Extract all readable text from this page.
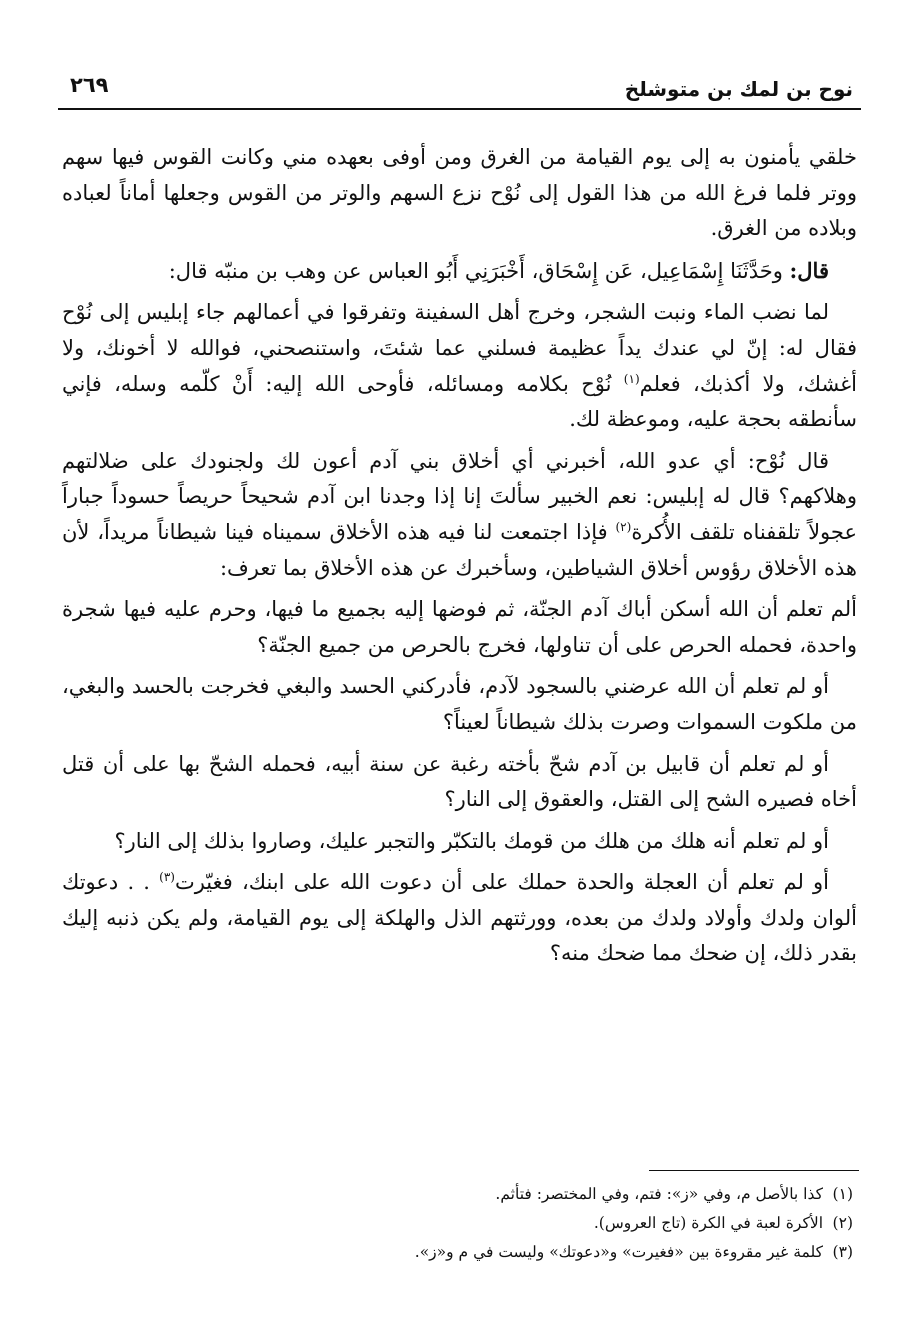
نوح بن لمك بن متوشلخ
٢٦٩

خلقي يأمنون به إلى يوم القيامة من الغرق ومن أوفى بعهده مني وكانت القوس فيها سهم ووتر فلما فرغ الله من هذا القول إلى نُوْح نزع السهم والوتر من القوس وجعلها أماناً لعباده وبلاده من الغرق.

قال: وحَدَّثَنَا إِسْمَاعِيل، عَن إِسْحَاق، أَخْبَرَنِي أَبُو العباس عن وهب بن منبّه قال:

لما نضب الماء ونبت الشجر، وخرج أهل السفينة وتفرقوا في أعمالهم جاء إبليس إلى نُوْح فقال له: إنّ لي عندك يداً عظيمة فسلني عما شئتَ، واستنصحني، فوالله لا أخونك، ولا أغشك، ولا أكذبك، فعلم$^{(١)}$ نُوْح بكلامه ومسائله، فأوحى الله إليه: أَنْ كلّمه وسله، فإني سأنطقه بحجة عليه، وموعظة لك.

قال نُوْح: أي عدو الله، أخبرني أي أخلاق بني آدم أعون لك ولجنودك على ضلالتهم وهلاكهم؟ قال له إبليس: نعم الخبير سألتَ إنا إذا وجدنا ابن آدم شحيحاً حريصاً حسوداً جباراً عجولاً تلقفناه تلقف الأُكرة$^{(٢)}$ فإذا اجتمعت لنا فيه هذه الأخلاق سميناه فينا شيطاناً مريداً، لأن هذه الأخلاق رؤوس أخلاق الشياطين، وسأخبرك عن هذه الأخلاق بما تعرف:

ألم تعلم أن الله أسكن أباك آدم الجنّة، ثم فوضها إليه بجميع ما فيها، وحرم عليه فيها شجرة واحدة، فحمله الحرص على أن تناولها، فخرج بالحرص من جميع الجنّة؟

أو لم تعلم أن الله عرضني بالسجود لآدم، فأدركني الحسد والبغي فخرجت بالحسد والبغي، من ملكوت السموات وصرت بذلك شيطاناً لعيناً؟

أو لم تعلم أن قابيل بن آدم شحّ بأخته رغبة عن سنة أبيه، فحمله الشحّ بها على أن قتل أخاه فصيره الشح إلى القتل، والعقوق إلى النار؟

أو لم تعلم أنه هلك من هلك من قومك بالتكبّر والتجبر عليك، وصاروا بذلك إلى النار؟

أو لم تعلم أن العجلة والحدة حملك على أن دعوت الله على ابنك، فغيّرت$^{(٣)}$ . . دعوتك ألوان ولدك وأولاد ولدك من بعده، وورثتهم الذل والهلكة إلى يوم القيامة، ولم يكن ذنبه إليك بقدر ذلك، إن ضحك مما ضحك منه؟

(١)كذا بالأصل م، وفي «ز»: فتم، وفي المختصر: فتأثم.

(٢)الأكرة لعبة في الكرة (تاج العروس).

(٣)كلمة غير مقروءة بين «فغيرت» و«دعوتك» وليست في م و«ز».
